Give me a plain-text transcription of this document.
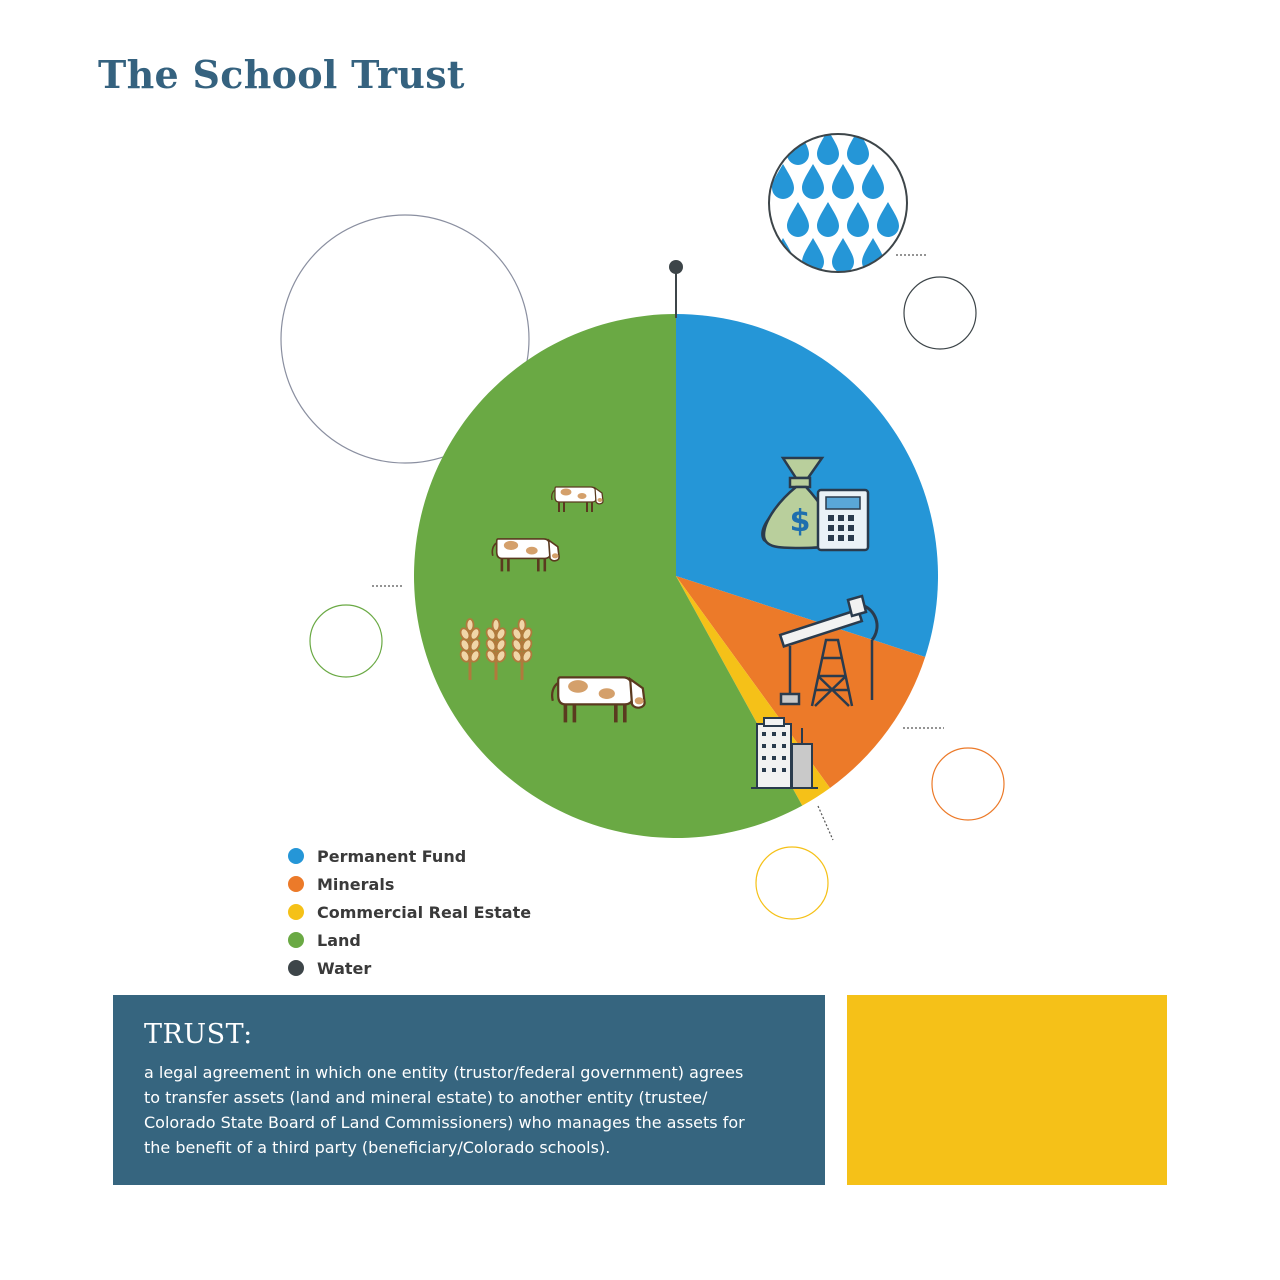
The School Trust
$
Permanent Fund
Minerals
Commercial Real Estate
Land
Water
TRUST:
a legal agreement in which one entity (trustor/federal government) agrees
to transfer assets (land and mineral estate) to another entity (trustee/
Colorado State Board of Land Commissioners) who manages the assets for
the benefit of a third party (beneficiary/Colorado schools).
